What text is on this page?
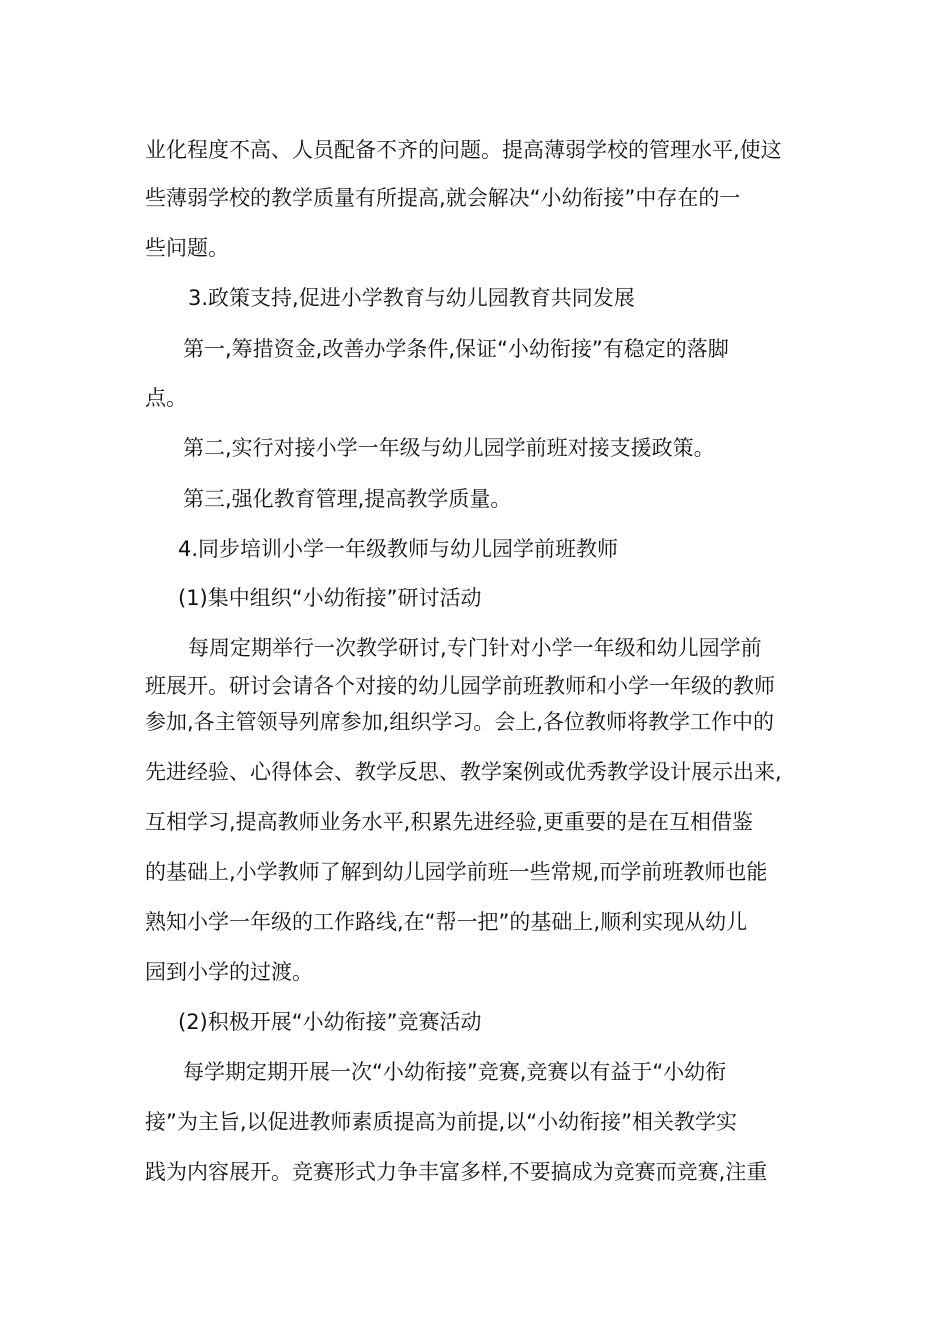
业化程度不高、人员配备不齐的问题。提高薄弱学校的管理水平,使这
些薄弱学校的教学质量有所提高,就会解决“小幼衔接”中存在的一
些问题。
3.政策支持,促进小学教育与幼儿园教育共同发展
第一,筹措资金,改善办学条件,保证“小幼衔接”有稳定的落脚
点。
第二,实行对接小学一年级与幼儿园学前班对接支援政策。
第三,强化教育管理,提高教学质量。
4.同步培训小学一年级教师与幼儿园学前班教师
(1)集中组织“小幼衔接”研讨活动
每周定期举行一次教学研讨,专门针对小学一年级和幼儿园学前
班展开。研讨会请各个对接的幼儿园学前班教师和小学一年级的教师
参加,各主管领导列席参加,组织学习。会上,各位教师将教学工作中的
先进经验、心得体会、教学反思、教学案例或优秀教学设计展示出来,
互相学习,提高教师业务水平,积累先进经验,更重要的是在互相借鉴
的基础上,小学教师了解到幼儿园学前班一些常规,而学前班教师也能
熟知小学一年级的工作路线,在“帮一把”的基础上,顺利实现从幼儿
园到小学的过渡。
(2)积极开展“小幼衔接”竞赛活动
每学期定期开展一次“小幼衔接”竞赛,竞赛以有益于“小幼衔
接”为主旨,以促进教师素质提高为前提,以“小幼衔接”相关教学实
践为内容展开。竞赛形式力争丰富多样,不要搞成为竞赛而竞赛,注重
